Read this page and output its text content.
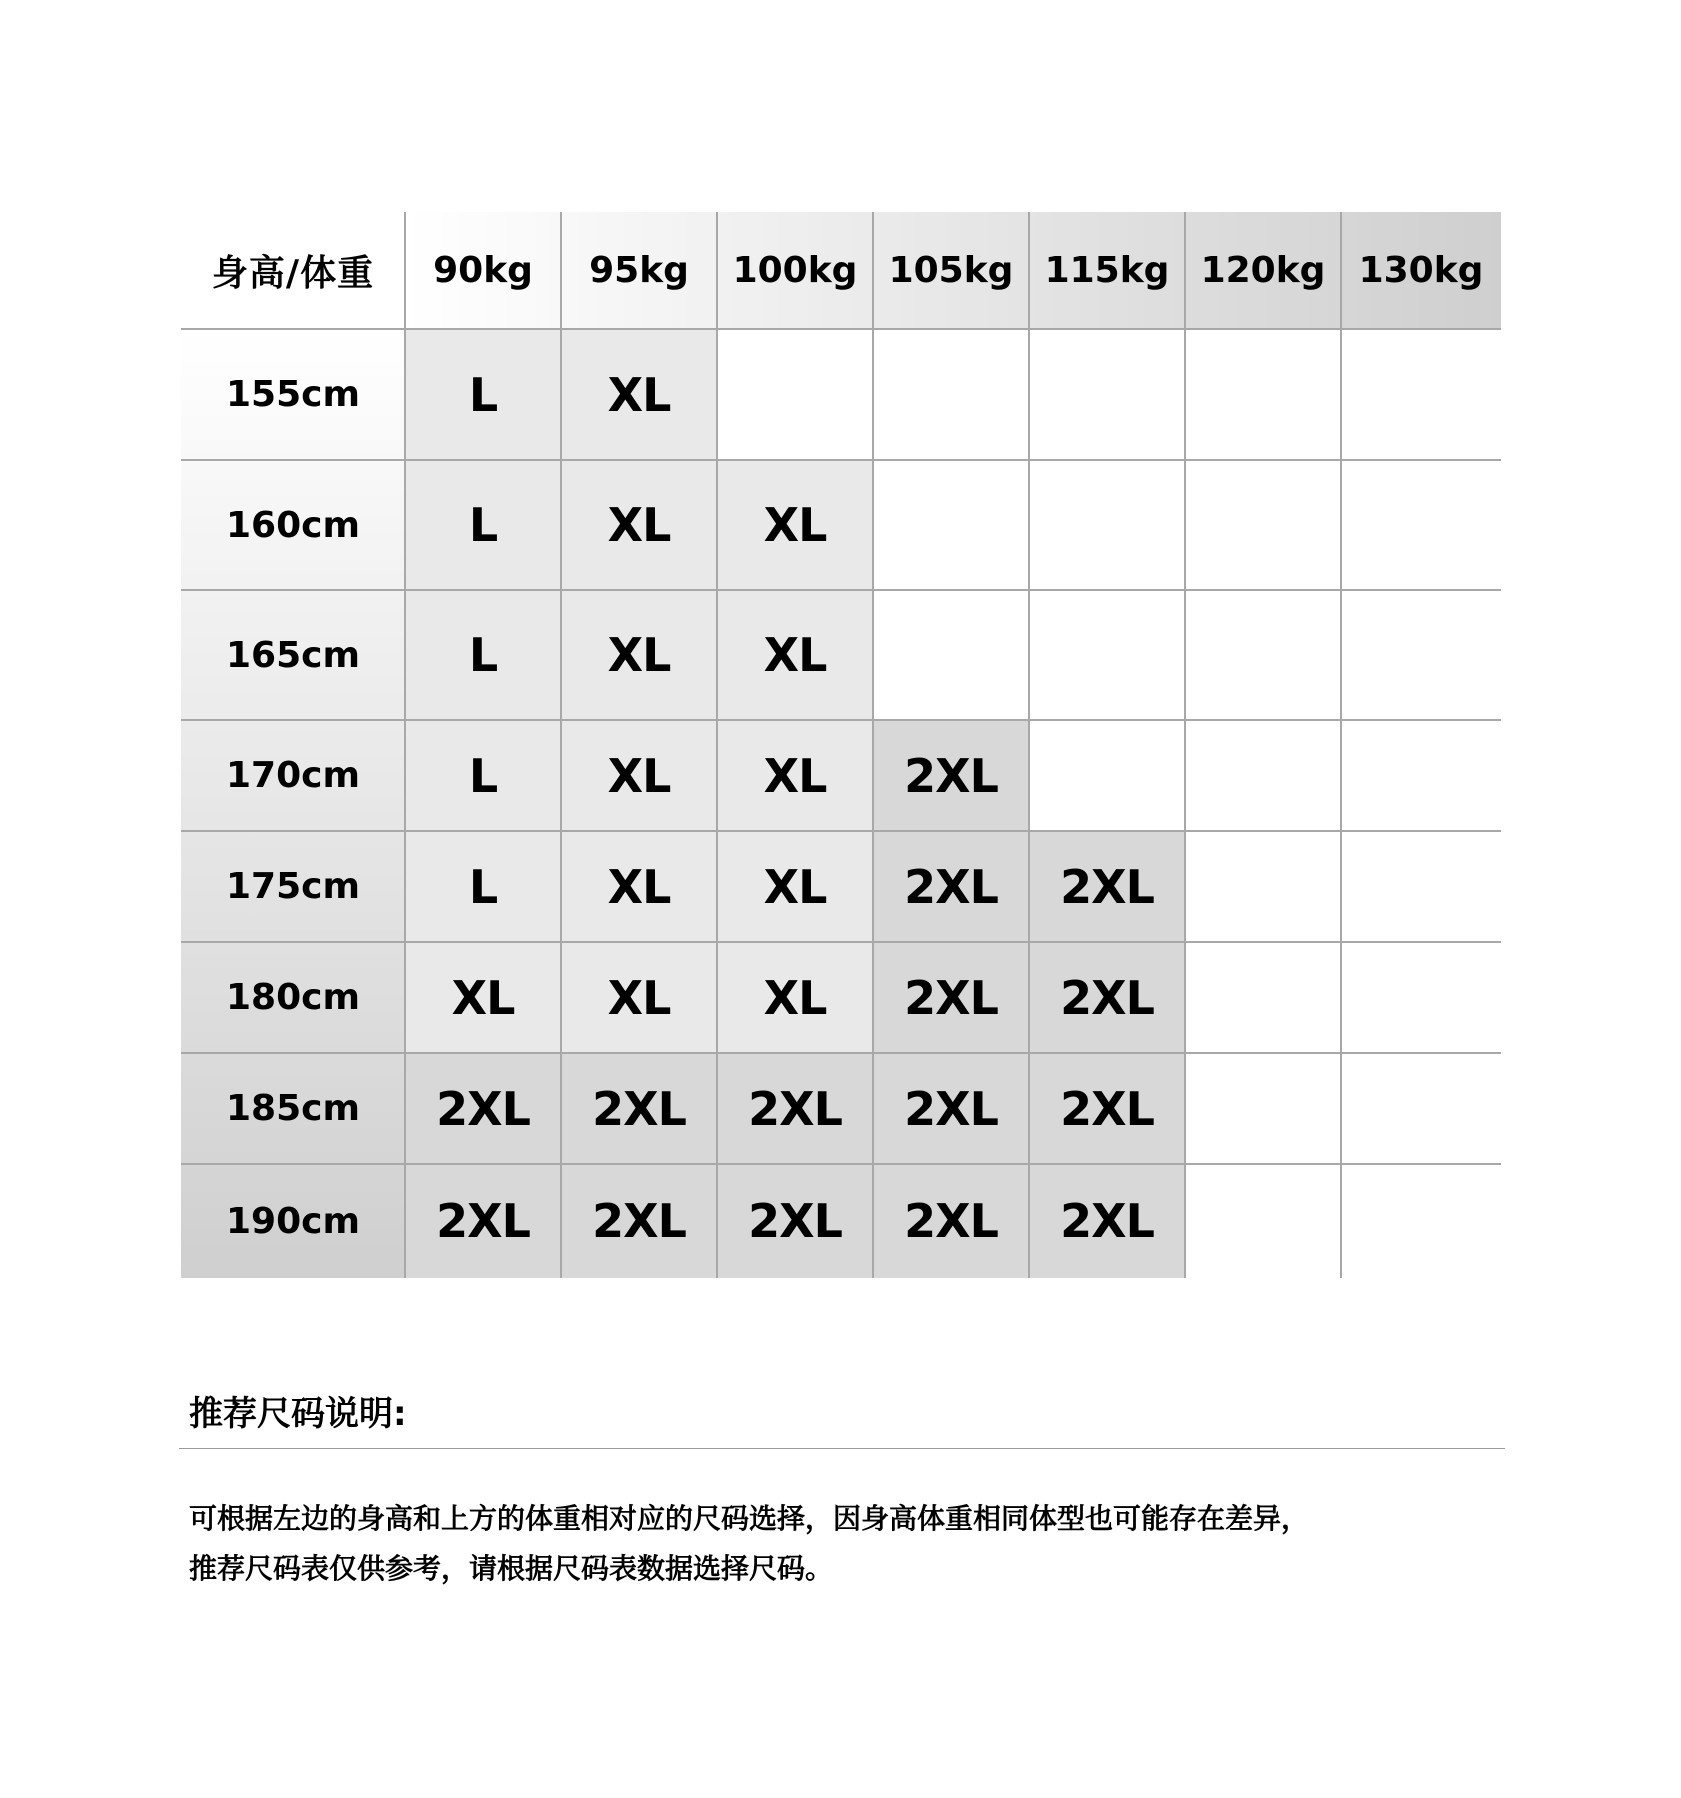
身高/体重	90kg	95kg	100kg 105kg 115kg 120kg 130kg
155cm	L	XL
160cm	L	XL	XL
165cm	L	XL	XL
170cm	L	XL	XL	2XL
175cm	L	XL	XL	2XL	2XL
180cm	XL	XL	XL	2XL	2XL
185cm	2XL	2XL	2XL	2XL	2XL
190cm	2XL	2XL	2XL	2XL	2XL
推荐尺码说明:

可根据左边的身高和上方的体重相对应的尺码选择，因身高体重相同体型也可能存在差异，
推荐尺码表仅供参考，请根据尺码表数据选择尺码。
